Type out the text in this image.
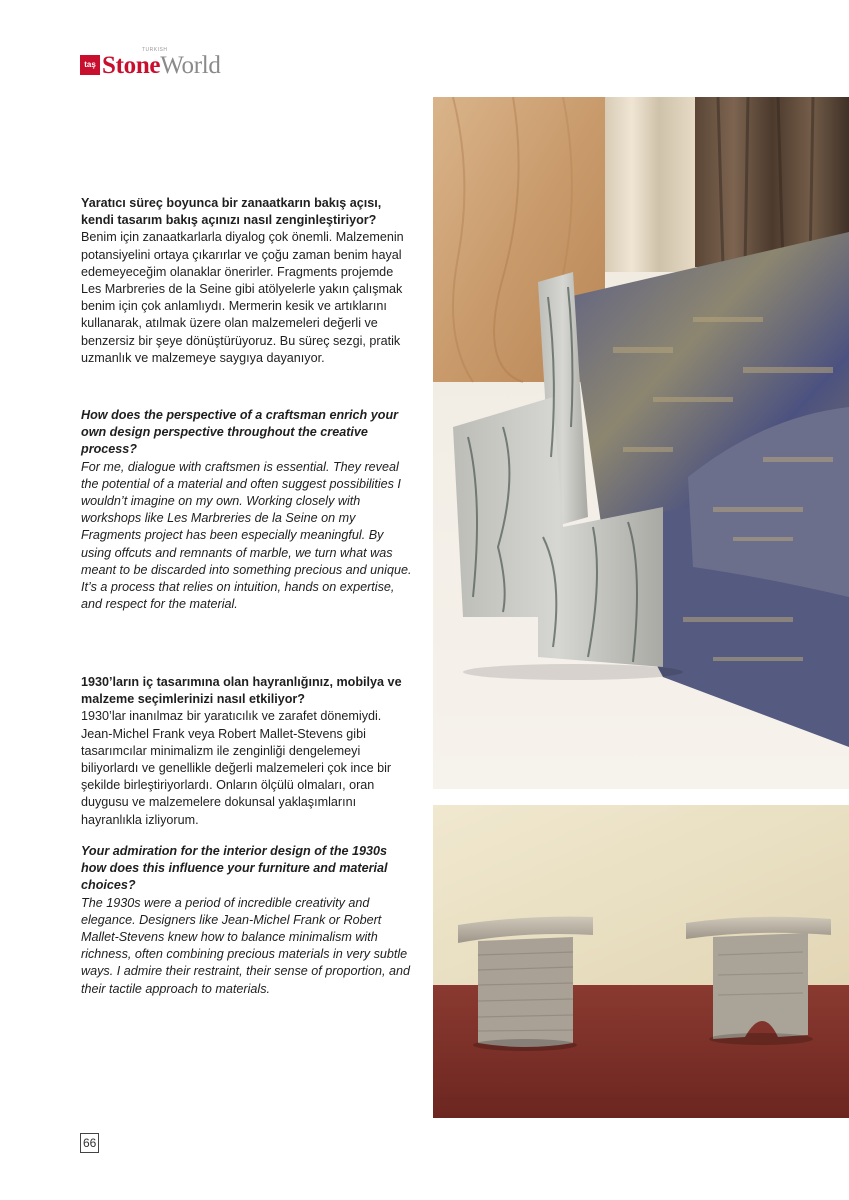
taş
TURKISH
StoneWorld

Yaratıcı süreç boyunca bir zanaatkarın bakış açısı, kendi tasarım bakış açınızı nasıl zenginleştiriyor?

Benim için zanaatkarlarla diyalog çok önemli. Malzemenin potansiyelini ortaya çıkarırlar ve çoğu zaman benim hayal edemeyeceğim olanaklar önerirler. Fragments projemde Les Marbreries de la Seine gibi atölyelerle yakın çalışmak benim için çok anlamlıydı. Mermerin kesik ve artıklarını kullanarak, atılmak üzere olan malzemeleri değerli ve benzersiz bir şeye dönüştürüyoruz. Bu süreç sezgi, pratik uzmanlık ve malzemeye saygıya dayanıyor.

How does the perspective of a craftsman enrich your own design perspective throughout the creative process?

For me, dialogue with craftsmen is essential. They reveal the potential of a material and often suggest possibilities I wouldn’t imagine on my own. Working closely with workshops like Les Marbreries de la Seine on my Fragments project has been especially meaningful. By using offcuts and remnants of marble, we turn what was meant to be discarded into something precious and unique. It’s a process that relies on intuition, hands on expertise, and respect for the material.

1930’ların iç tasarımına olan hayranlığınız, mobilya ve malzeme seçimlerinizi nasıl etkiliyor?

1930’lar inanılmaz bir yaratıcılık ve zarafet dönemiydi. Jean-Michel Frank veya Robert Mallet-Stevens gibi tasarımcılar minimalizm ile zenginliği dengelemeyi biliyorlardı ve genellikle değerli malzemeleri çok ince bir şekilde birleştiriyorlardı. Onların ölçülü olmaları, oran duygusu ve malzemelere dokunsal yaklaşımlarını hayranlıkla izliyorum.

Your admiration for the interior design of the 1930s how does this influence your furniture and material choices?

The 1930s were a period of incredible creativity and elegance. Designers like Jean-Michel Frank or Robert Mallet-Stevens knew how to balance minimalism with richness, often combining precious materials in very subtle ways. I admire their restraint, their sense of proportion, and their tactile approach to materials.

66
